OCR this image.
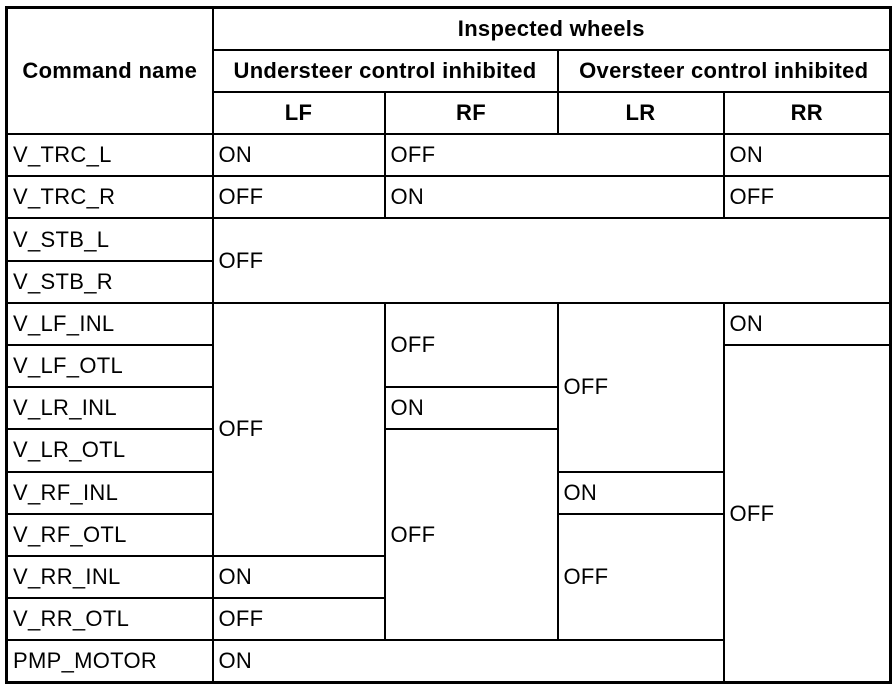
Command name	Inspected wheels			
	Understeer control inhibited		Oversteer control inhibited	
	LF	RF	LR	RR
V_TRC_L	ON	OFF		ON
V_TRC_R	OFF	ON		OFF
V_STB_L	OFF			
V_STB_R				
V_LF_INL	OFF	OFF	OFF	ON
V_LF_OTL				OFF
V_LR_INL		ON		
V_LR_OTL		OFF		
V_RF_INL			ON	
V_RF_OTL			OFF	
V_RR_INL	ON			
V_RR_OTL	OFF			
PMP_MOTOR	ON			
